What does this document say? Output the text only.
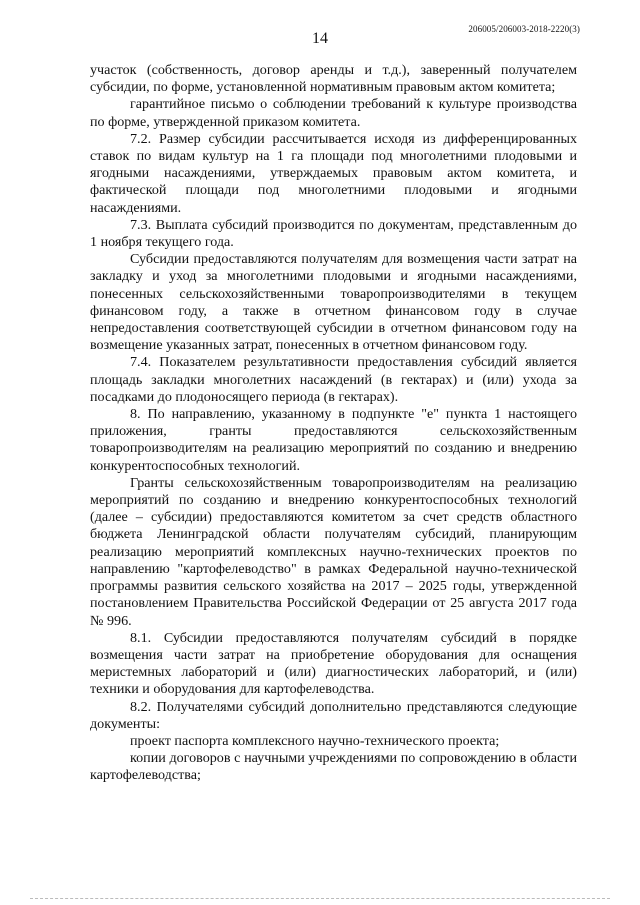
14
206005/206003-2018-2220(3)

участок (собственность, договор аренды и т.д.), заверенный получателем субсидии, по форме, установленной нормативным правовым актом комитета;

гарантийное письмо о соблюдении требований к культуре производства по форме, утвержденной приказом комитета.

7.2. Размер субсидии рассчитывается исходя из дифференцированных ставок по видам культур на 1 га площади под многолетними плодовыми и ягодными насаждениями, утверждаемых правовым актом комитета, и фактической площади под многолетними плодовыми и ягодными насаждениями.

7.3. Выплата субсидий производится по документам, представленным до 1 ноября текущего года.

Субсидии предоставляются получателям для возмещения части затрат на закладку и уход за многолетними плодовыми и ягодными насаждениями, понесенных сельскохозяйственными товаропроизводителями в текущем финансовом году, а также в отчетном финансовом году в случае непредоставления соответствующей субсидии в отчетном финансовом году на возмещение указанных затрат, понесенных в отчетном финансовом году.

7.4. Показателем результативности предоставления субсидий является площадь закладки многолетних насаждений (в гектарах) и (или) ухода за посадками до плодоносящего периода (в гектарах).

8. По направлению, указанному в подпункте "е" пункта 1 настоящего приложения, гранты предоставляются сельскохозяйственным товаропроизводителям на реализацию мероприятий по созданию и внедрению конкурентоспособных технологий.

Гранты сельскохозяйственным товаропроизводителям на реализацию мероприятий по созданию и внедрению конкурентоспособных технологий (далее – субсидии) предоставляются комитетом за счет средств областного бюджета Ленинградской области получателям субсидий, планирующим реализацию мероприятий комплексных научно-технических проектов по направлению "картофелеводство" в рамках Федеральной научно-технической программы развития сельского хозяйства на 2017 – 2025 годы, утвержденной постановлением Правительства Российской Федерации от 25 августа 2017 года № 996.

8.1. Субсидии предоставляются получателям субсидий в порядке возмещения части затрат на приобретение оборудования для оснащения меристемных лабораторий и (или) диагностических лабораторий, и (или) техники и оборудования для картофелеводства.

8.2. Получателями субсидий дополнительно представляются следующие документы:

проект паспорта комплексного научно-технического проекта;

копии договоров с научными учреждениями по сопровождению в области картофелеводства;
